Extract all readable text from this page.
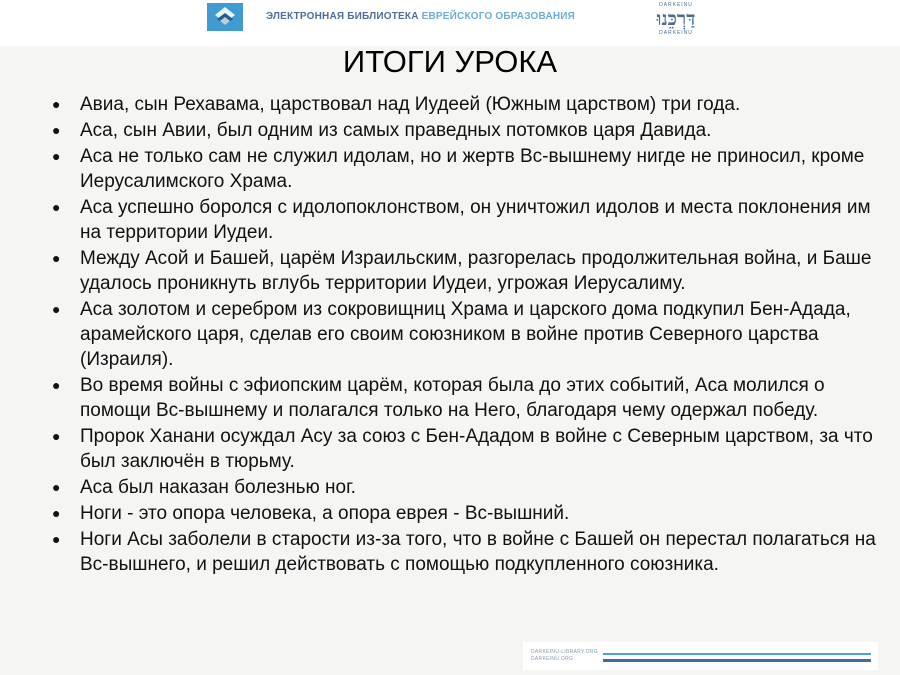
ЭЛЕКТРОННАЯ БИБЛИОТЕКА ЕВРЕЙСКОГО ОБРАЗОВАНИЯ
DARKEINU
דַּרְכֵּנוּ
DARKEINU
ИТОГИ УРОКА
● Авиа, сын Рехавама, царствовал над Иудеей (Южным царством) три года.
● Аса, сын Авии, был одним из самых праведных потомков царя Давида.
● Аса не только сам не служил идолам, но и жертв Вс-вышнему нигде не приносил, кроме Иерусалимского Храма.
● Аса успешно боролся с идолопоклонством, он уничтожил идолов и места поклонения им на территории Иудеи.
● Между Асой и Башей, царём Израильским, разгорелась продолжительная война, и Баше удалось проникнуть вглубь территории Иудеи, угрожая Иерусалиму.
● Аса золотом и серебром из сокровищниц Храма и царского дома подкупил Бен-Адада, арамейского царя, сделав его своим союзником в войне против Северного царства (Израиля).
● Во время войны с эфиопским царём, которая была до этих событий, Аса молился о помощи Вс-вышнему и полагался только на Него, благодаря чему одержал победу.
● Пророк Ханани осуждал Асу за союз с Бен-Ададом в войне с Северным царством, за что был заключён в тюрьму.
● Аса был наказан болезнью ног.
● Ноги - это опора человека, а опора еврея - Вс-вышний.
● Ноги Асы заболели в старости из-за того, что в войне с Башей он перестал полагаться на Вс-вышнего, и решил действовать с помощью подкупленного союзника.
DARKEINU-LIBRARY.ORG
DARKEINU.ORG
